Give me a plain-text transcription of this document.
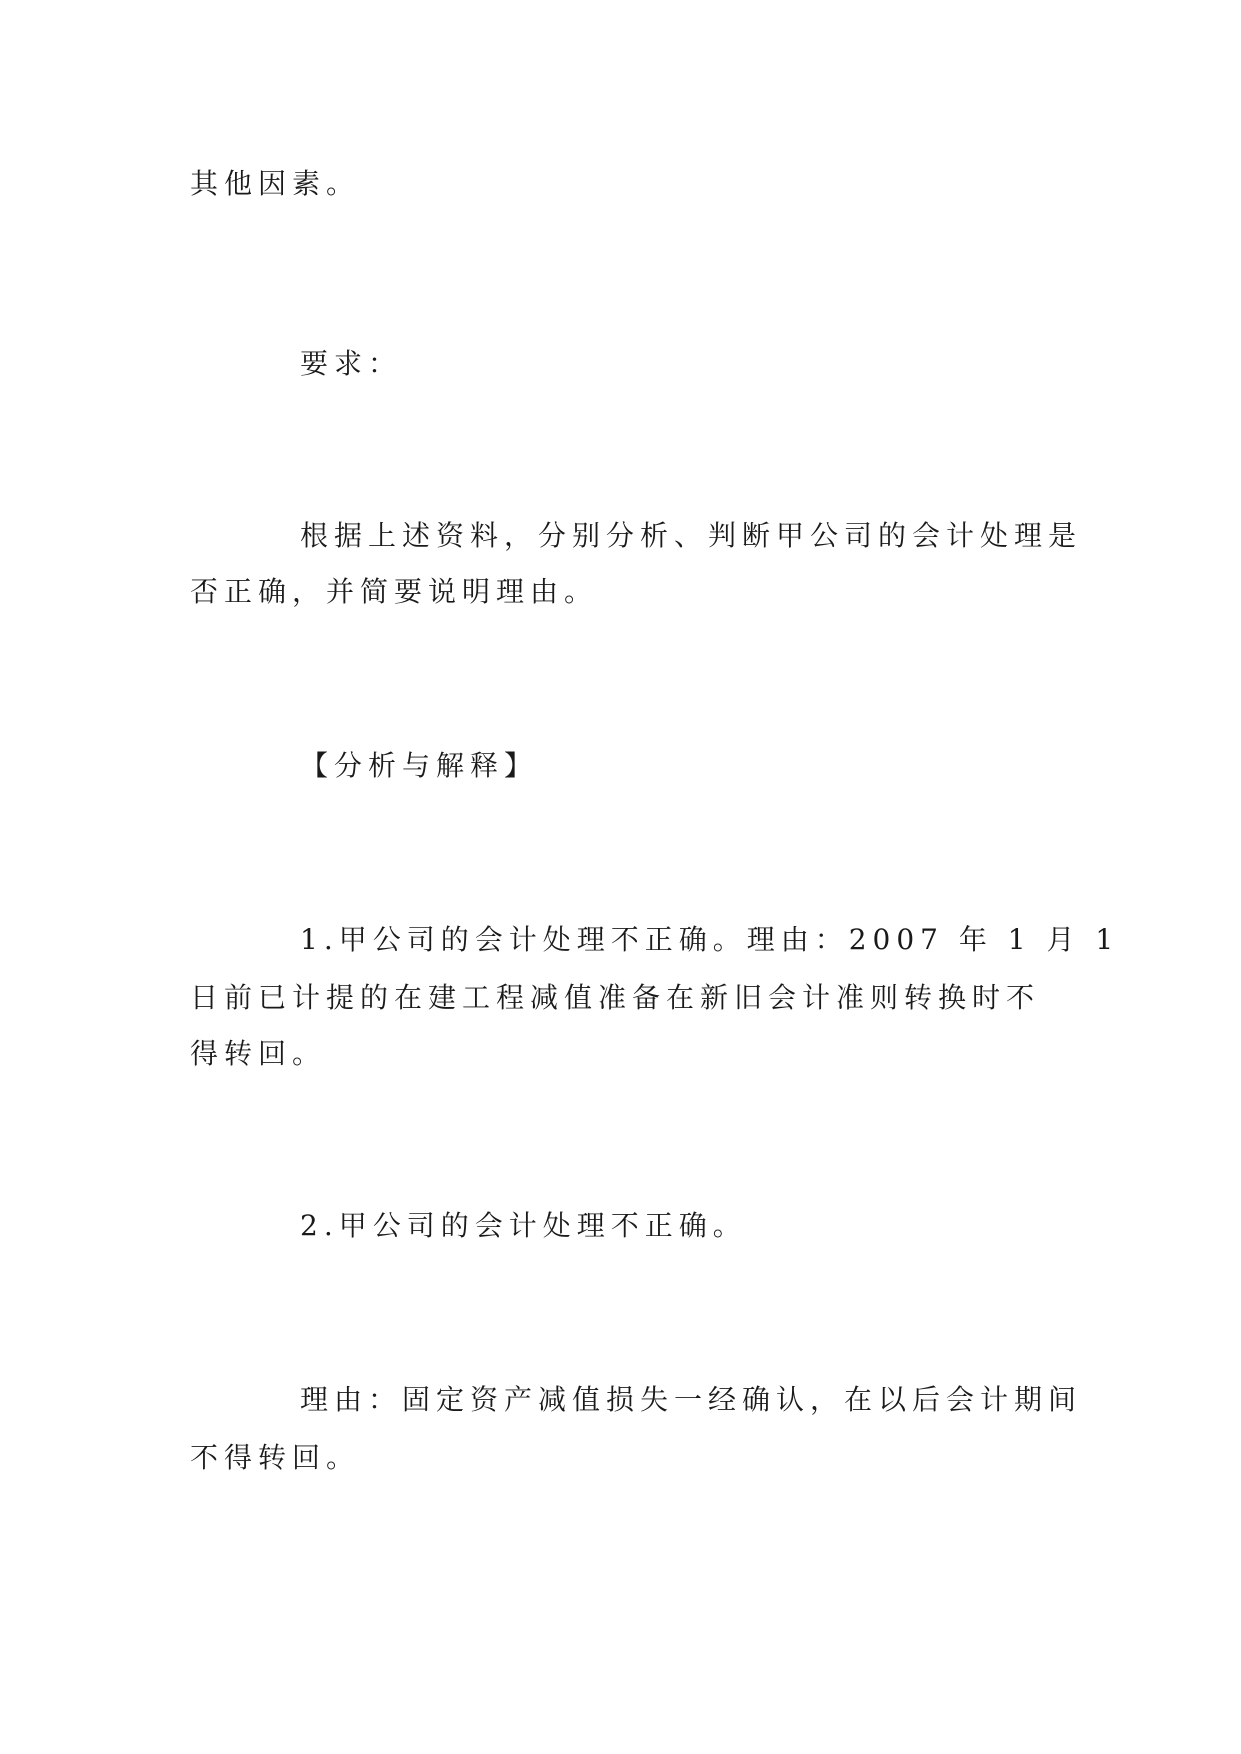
其他因素。

要求：

根据上述资料，分别分析、判断甲公司的会计处理是

否正确，并简要说明理由。

【分析与解释】

1.甲公司的会计处理不正确。理由：2007 年 1 月 1

日前已计提的在建工程减值准备在新旧会计准则转换时不

得转回。

2.甲公司的会计处理不正确。

理由：固定资产减值损失一经确认，在以后会计期间

不得转回。
